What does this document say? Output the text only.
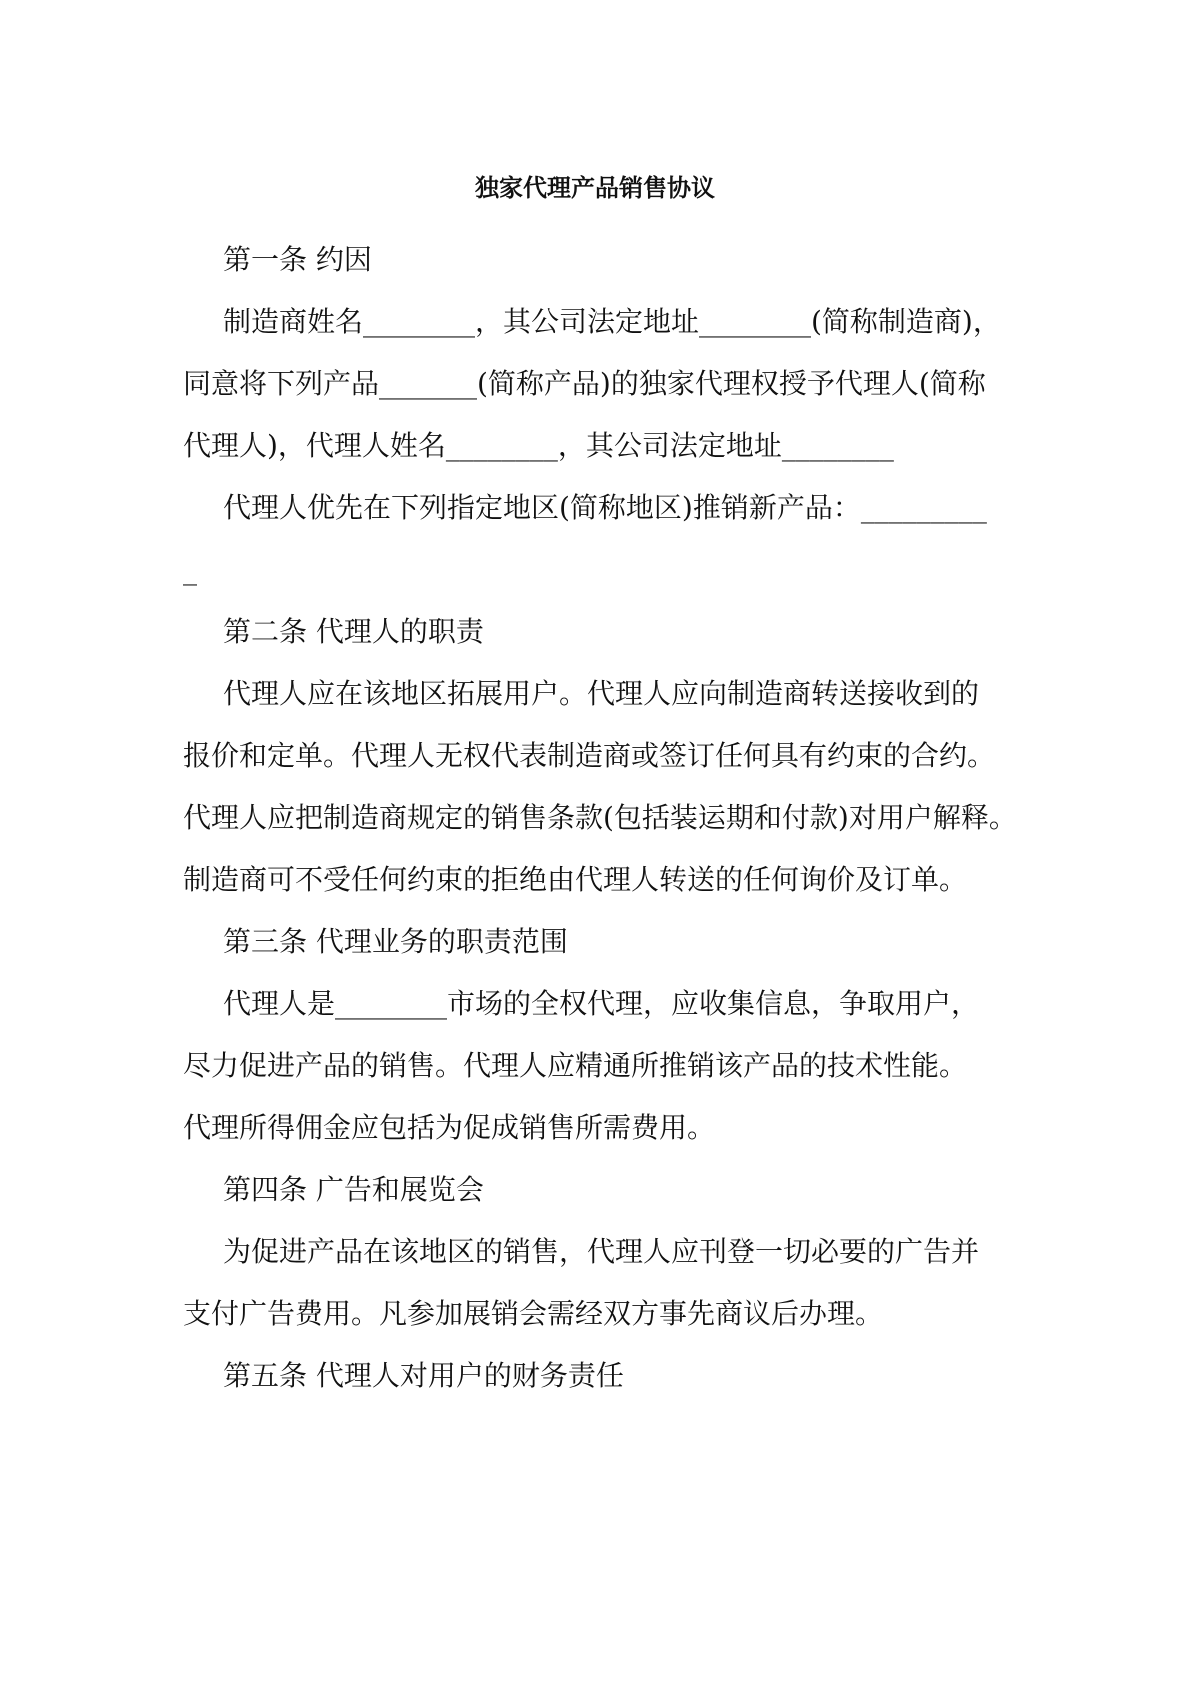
独家代理产品销售协议
第一条 约因
制造商姓名________，其公司法定地址________(简称制造商)，
同意将下列产品_______(简称产品)的独家代理权授予代理人(简称
代理人)，代理人姓名________，其公司法定地址________
代理人优先在下列指定地区(简称地区)推销新产品：_________
_
第二条 代理人的职责
代理人应在该地区拓展用户。代理人应向制造商转送接收到的
报价和定单。代理人无权代表制造商或签订任何具有约束的合约。
代理人应把制造商规定的销售条款(包括装运期和付款)对用户解释。
制造商可不受任何约束的拒绝由代理人转送的任何询价及订单。
第三条 代理业务的职责范围
代理人是________市场的全权代理，应收集信息，争取用户，
尽力促进产品的销售。代理人应精通所推销该产品的技术性能。
代理所得佣金应包括为促成销售所需费用。
第四条 广告和展览会
为促进产品在该地区的销售，代理人应刊登一切必要的广告并
支付广告费用。凡参加展销会需经双方事先商议后办理。
第五条 代理人对用户的财务责任
